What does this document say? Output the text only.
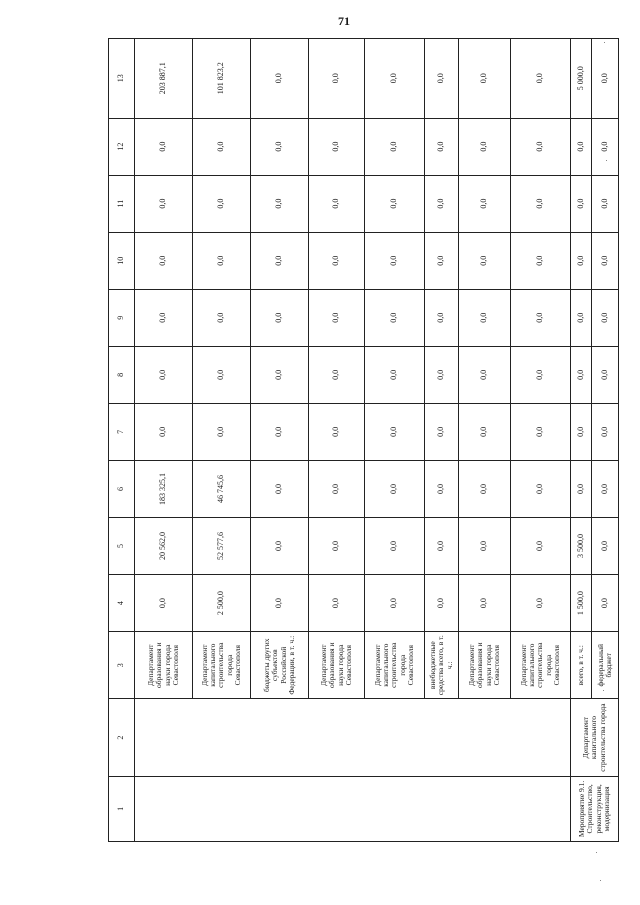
71
1	2	3	4	5	6	7	8	9	10	11	12	13
		Департамент образования и науки города Севастополя	0,0	20 562,0	183 325,1	0,0	0,0	0,0	0,0	0,0	0,0	203 887,1
		Департамент капитального строительства города Севастополя	2 500,0	52 577,6	46 745,6	0,0	0,0	0,0	0,0	0,0	0,0	101 823,2
		бюджеты других субъектов Российской Федерации, в т. ч.:	0,0	0,0	0,0	0,0	0,0	0,0	0,0	0,0	0,0	0,0
		Департамент образования и науки города Севастополя	0,0	0,0	0,0	0,0	0,0	0,0	0,0	0,0	0,0	0,0
		Департамент капитального строительства города Севастополя	0,0	0,0	0,0	0,0	0,0	0,0	0,0	0,0	0,0	0,0
		внебюджетные средства всего, в т. ч.:	0,0	0,0	0,0	0,0	0,0	0,0	0,0	0,0	0,0	0,0
		Департамент образования и науки города Севастополя	0,0	0,0	0,0	0,0	0,0	0,0	0,0	0,0	0,0	0,0
		Департамент капитального строительства города Севастополя	0,0	0,0	0,0	0,0	0,0	0,0	0,0	0,0	0,0	0,0
Мероприятие 9.1. Строительство, реконструкция, модернизация	Департамент капитального строительства города	всего, в т. ч.:	1 500,0	3 500,0	0,0	0,0	0,0	0,0	0,0	0,0	0,0	5 000,0
		федеральный бюджет	0,0	0,0	0,0	0,0	0,0	0,0	0,0	0,0	0,0	0,0
